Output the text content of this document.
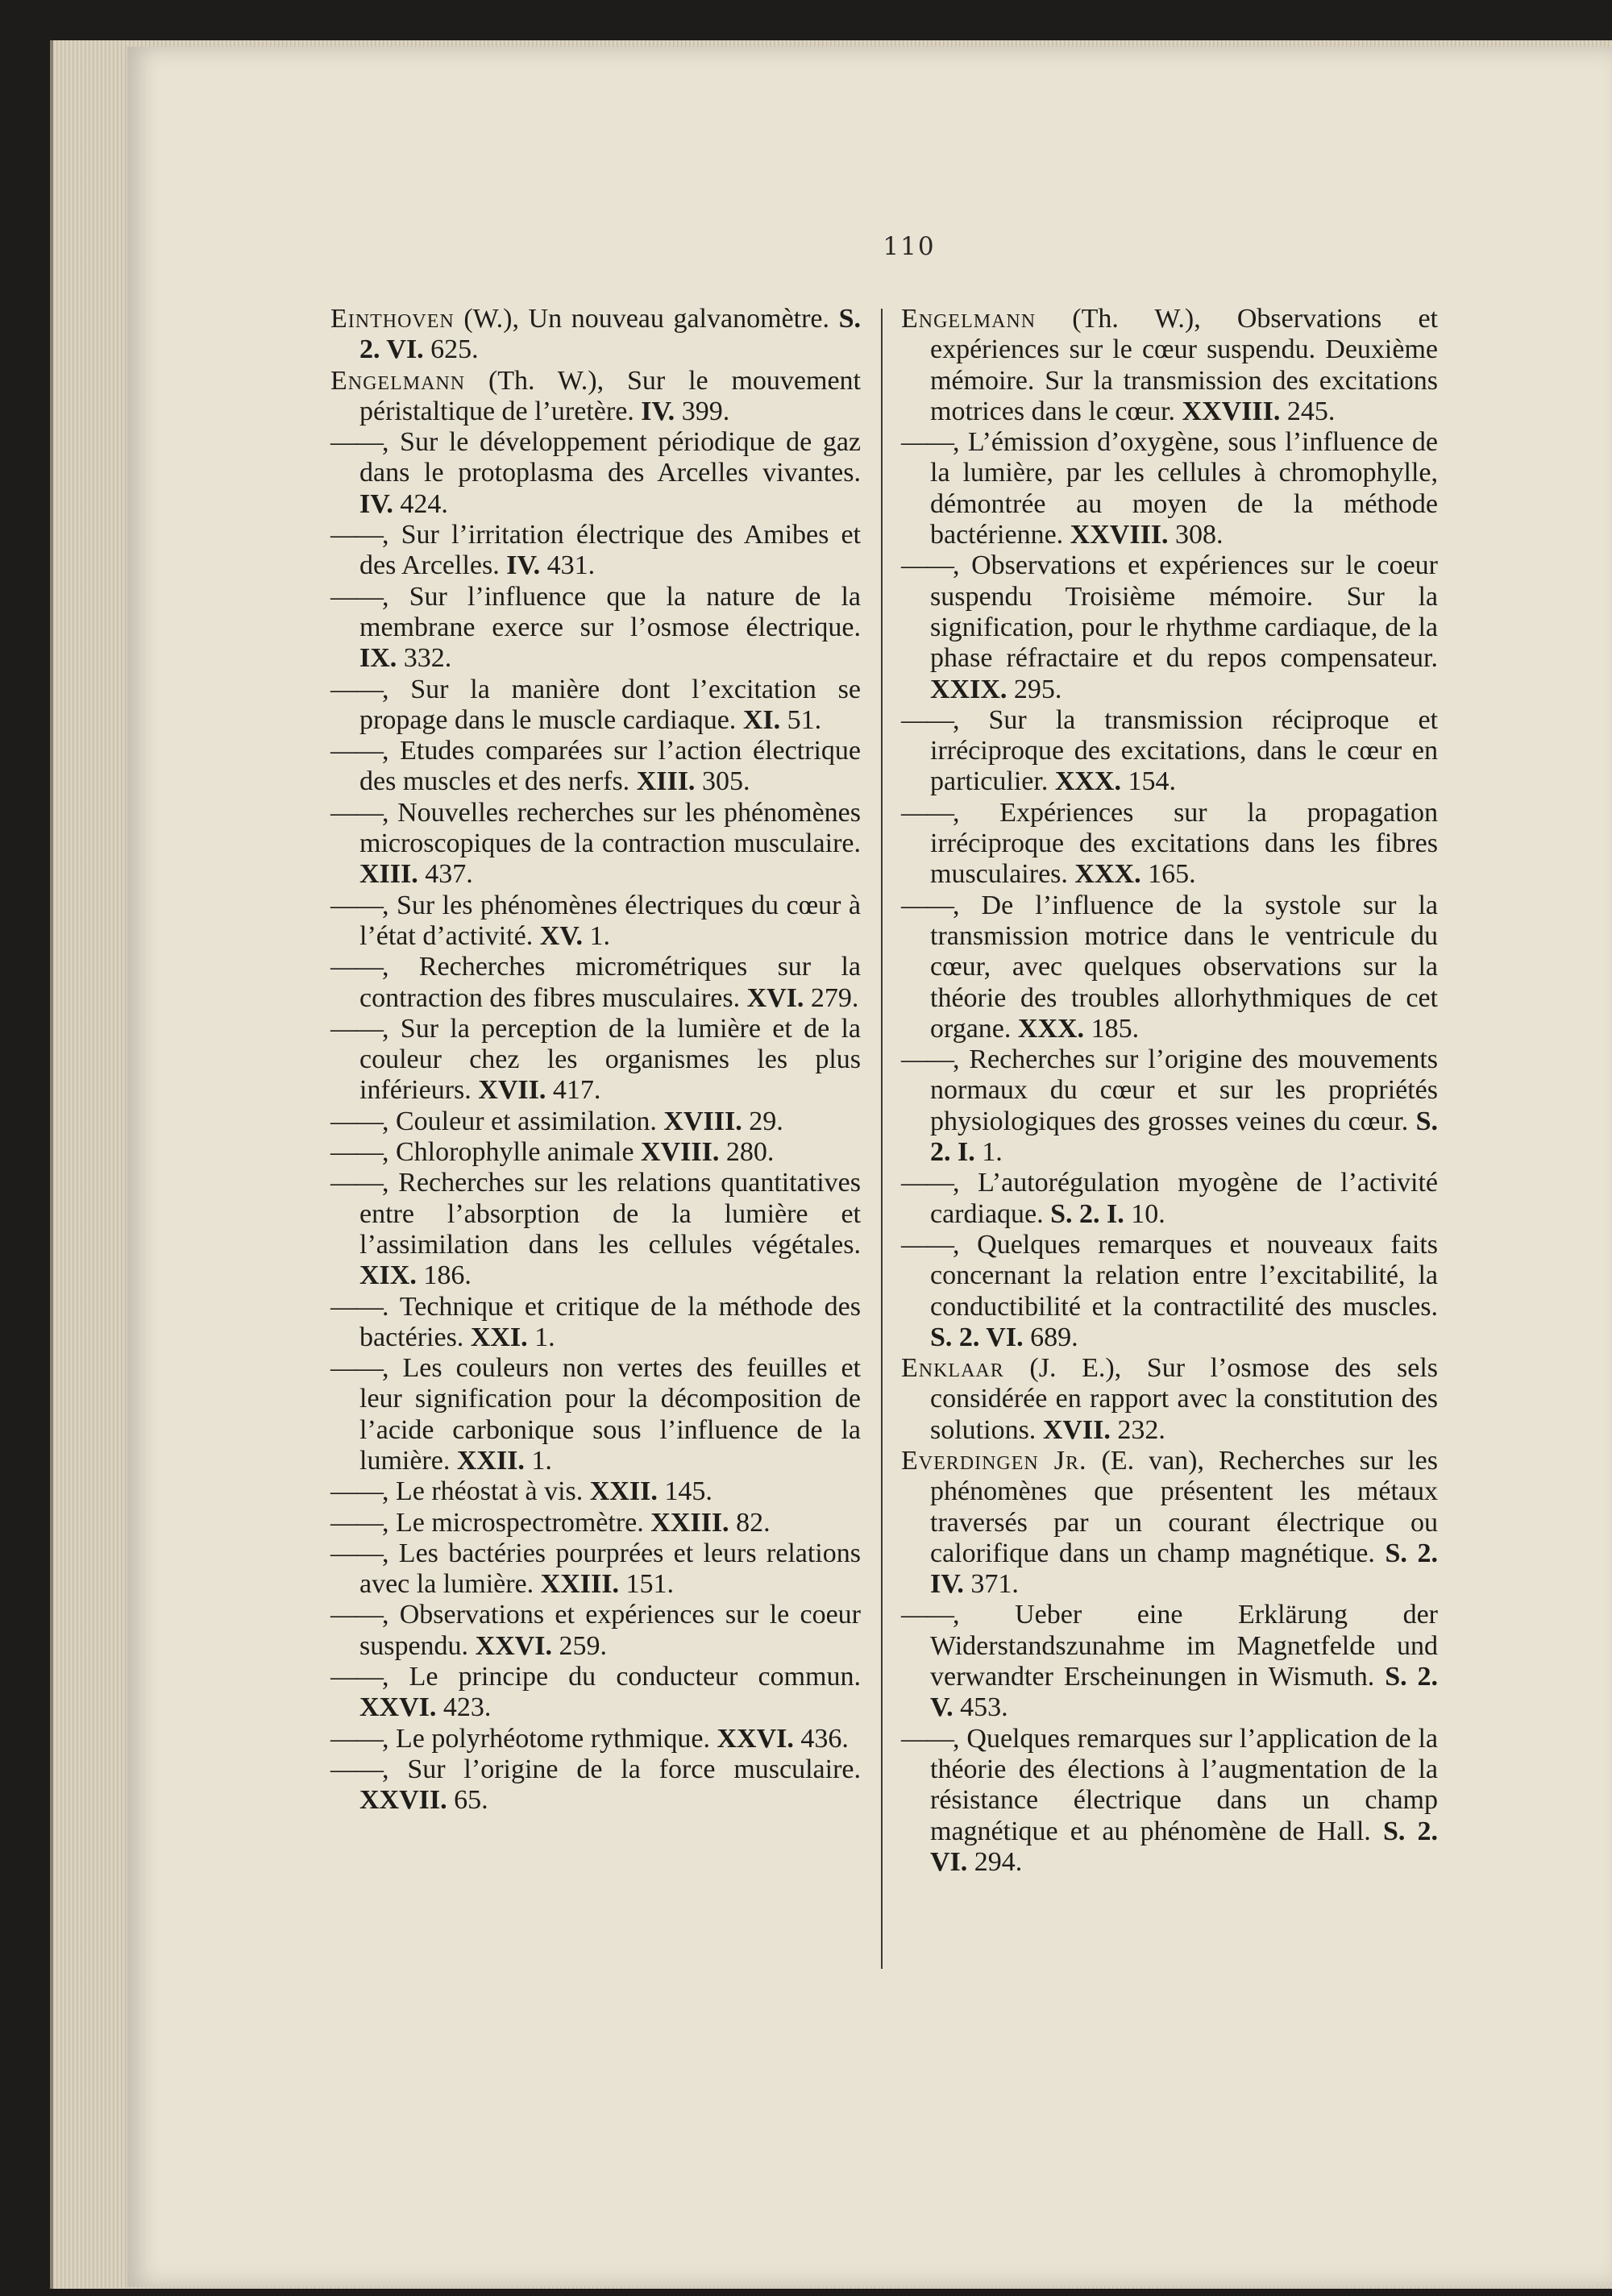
110

Einthoven (W.), Un nouveau galvanomètre. S. 2. VI. 625.

Engelmann (Th. W.), Sur le mouvement péristaltique de l’uretère. IV. 399.

——, Sur le développement périodique de gaz dans le protoplasma des Arcelles vivantes. IV. 424.

——, Sur l’irritation électrique des Amibes et des Arcelles. IV. 431.

——, Sur l’influence que la nature de la membrane exerce sur l’osmose électrique. IX. 332.

——, Sur la manière dont l’excitation se propage dans le muscle cardiaque. XI. 51.

——, Etudes comparées sur l’action électrique des muscles et des nerfs. XIII. 305.

——, Nouvelles recherches sur les phénomènes microscopiques de la contraction musculaire. XIII. 437.

——, Sur les phénomènes électriques du cœur à l’état d’activité. XV. 1.

——, Recherches micrométriques sur la contraction des fibres musculaires. XVI. 279.

——, Sur la perception de la lumière et de la couleur chez les organismes les plus inférieurs. XVII. 417.

——, Couleur et assimilation. XVIII. 29.

——, Chlorophylle animale XVIII. 280.

——, Recherches sur les relations quantitatives entre l’absorption de la lumière et l’assimilation dans les cellules végétales. XIX. 186.

——. Technique et critique de la méthode des bactéries. XXI. 1.

——, Les couleurs non vertes des feuilles et leur signification pour la décomposition de l’acide carbonique sous l’influence de la lumière. XXII. 1.

——, Le rhéostat à vis. XXII. 145.

——, Le microspectromètre. XXIII. 82.

——, Les bactéries pourprées et leurs relations avec la lumière. XXIII. 151.

——, Observations et expériences sur le coeur suspendu. XXVI. 259.

——, Le principe du conducteur commun. XXVI. 423.

——, Le polyrhéotome rythmique. XXVI. 436.

——, Sur l’origine de la force musculaire. XXVII. 65.

Engelmann (Th. W.), Observations et expériences sur le cœur suspendu. Deuxième mémoire. Sur la transmission des excitations motrices dans le cœur. XXVIII. 245.

——, L’émission d’oxygène, sous l’influence de la lumière, par les cellules à chromophylle, démontrée au moyen de la méthode bactérienne. XXVIII. 308.

——, Observations et expériences sur le coeur suspendu Troisième mémoire. Sur la signification, pour le rhythme cardiaque, de la phase réfractaire et du repos compensateur. XXIX. 295.

——, Sur la transmission réciproque et irréciproque des excitations, dans le cœur en particulier. XXX. 154.

——, Expériences sur la propagation irréciproque des excitations dans les fibres musculaires. XXX. 165.

——, De l’influence de la systole sur la transmission motrice dans le ventricule du cœur, avec quelques observations sur la théorie des troubles allorhythmiques de cet organe. XXX. 185.

——, Recherches sur l’origine des mouvements normaux du cœur et sur les propriétés physiologiques des grosses veines du cœur. S. 2. I. 1.

——, L’autorégulation myogène de l’activité cardiaque. S. 2. I. 10.

——, Quelques remarques et nouveaux faits concernant la relation entre l’excitabilité, la conductibilité et la contractilité des muscles. S. 2. VI. 689.

Enklaar (J. E.), Sur l’osmose des sels considérée en rapport avec la constitution des solutions. XVII. 232.

Everdingen Jr. (E. van), Recherches sur les phénomènes que présentent les métaux traversés par un courant électrique ou calorifique dans un champ magnétique. S. 2. IV. 371.

——, Ueber eine Erklärung der Widerstandszunahme im Magnetfelde und verwandter Erscheinungen in Wismuth. S. 2. V. 453.

——, Quelques remarques sur l’application de la théorie des élections à l’augmentation de la résistance électrique dans un champ magnétique et au phénomène de Hall. S. 2. VI. 294.
